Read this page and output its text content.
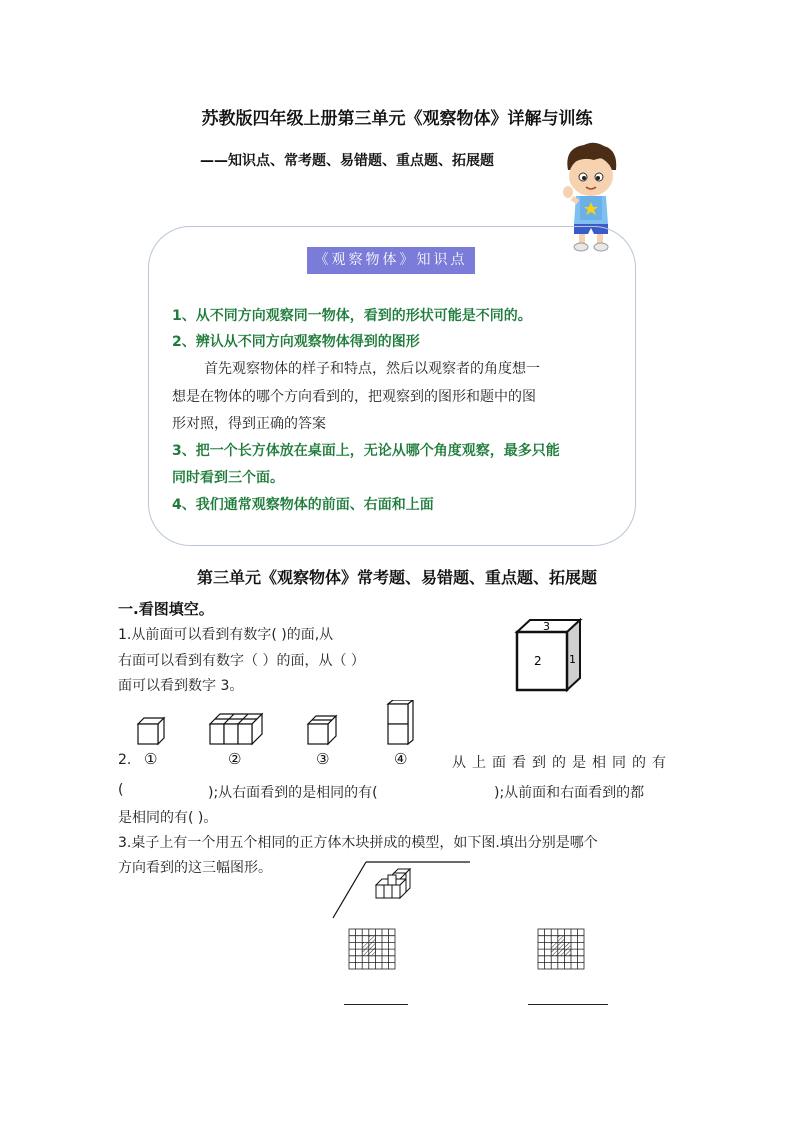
苏教版四年级上册第三单元《观察物体》详解与训练
——知识点、常考题、易错题、重点题、拓展题
《观察物体》知识点
1、从不同方向观察同一物体，看到的形状可能是不同的。
2、辨认从不同方向观察物体得到的图形
首先观察物体的样子和特点，然后以观察者的角度想一
想是在物体的哪个方向看到的，把观察到的图形和题中的图
形对照，得到正确的答案
3、把一个长方体放在桌面上，无论从哪个角度观察，最多只能
同时看到三个面。
4、我们通常观察物体的前面、右面和上面
第三单元《观察物体》常考题、易错题、重点题、拓展题
一.看图填空。
1.从前面可以看到有数字( )的面,从
右面可以看到有数字（ ）的面，从（ ）
面可以看到数字 3。
3
2 1
2. ①	②	③	④	从上面看到的是相同的有
(	);从右面看到的是相同的有(	);从前面和右面看到的都
是相同的有( )。
3.桌子上有一个用五个相同的正方体木块拼成的模型，如下图.填出分别是哪个
方向看到的这三幅图形。
